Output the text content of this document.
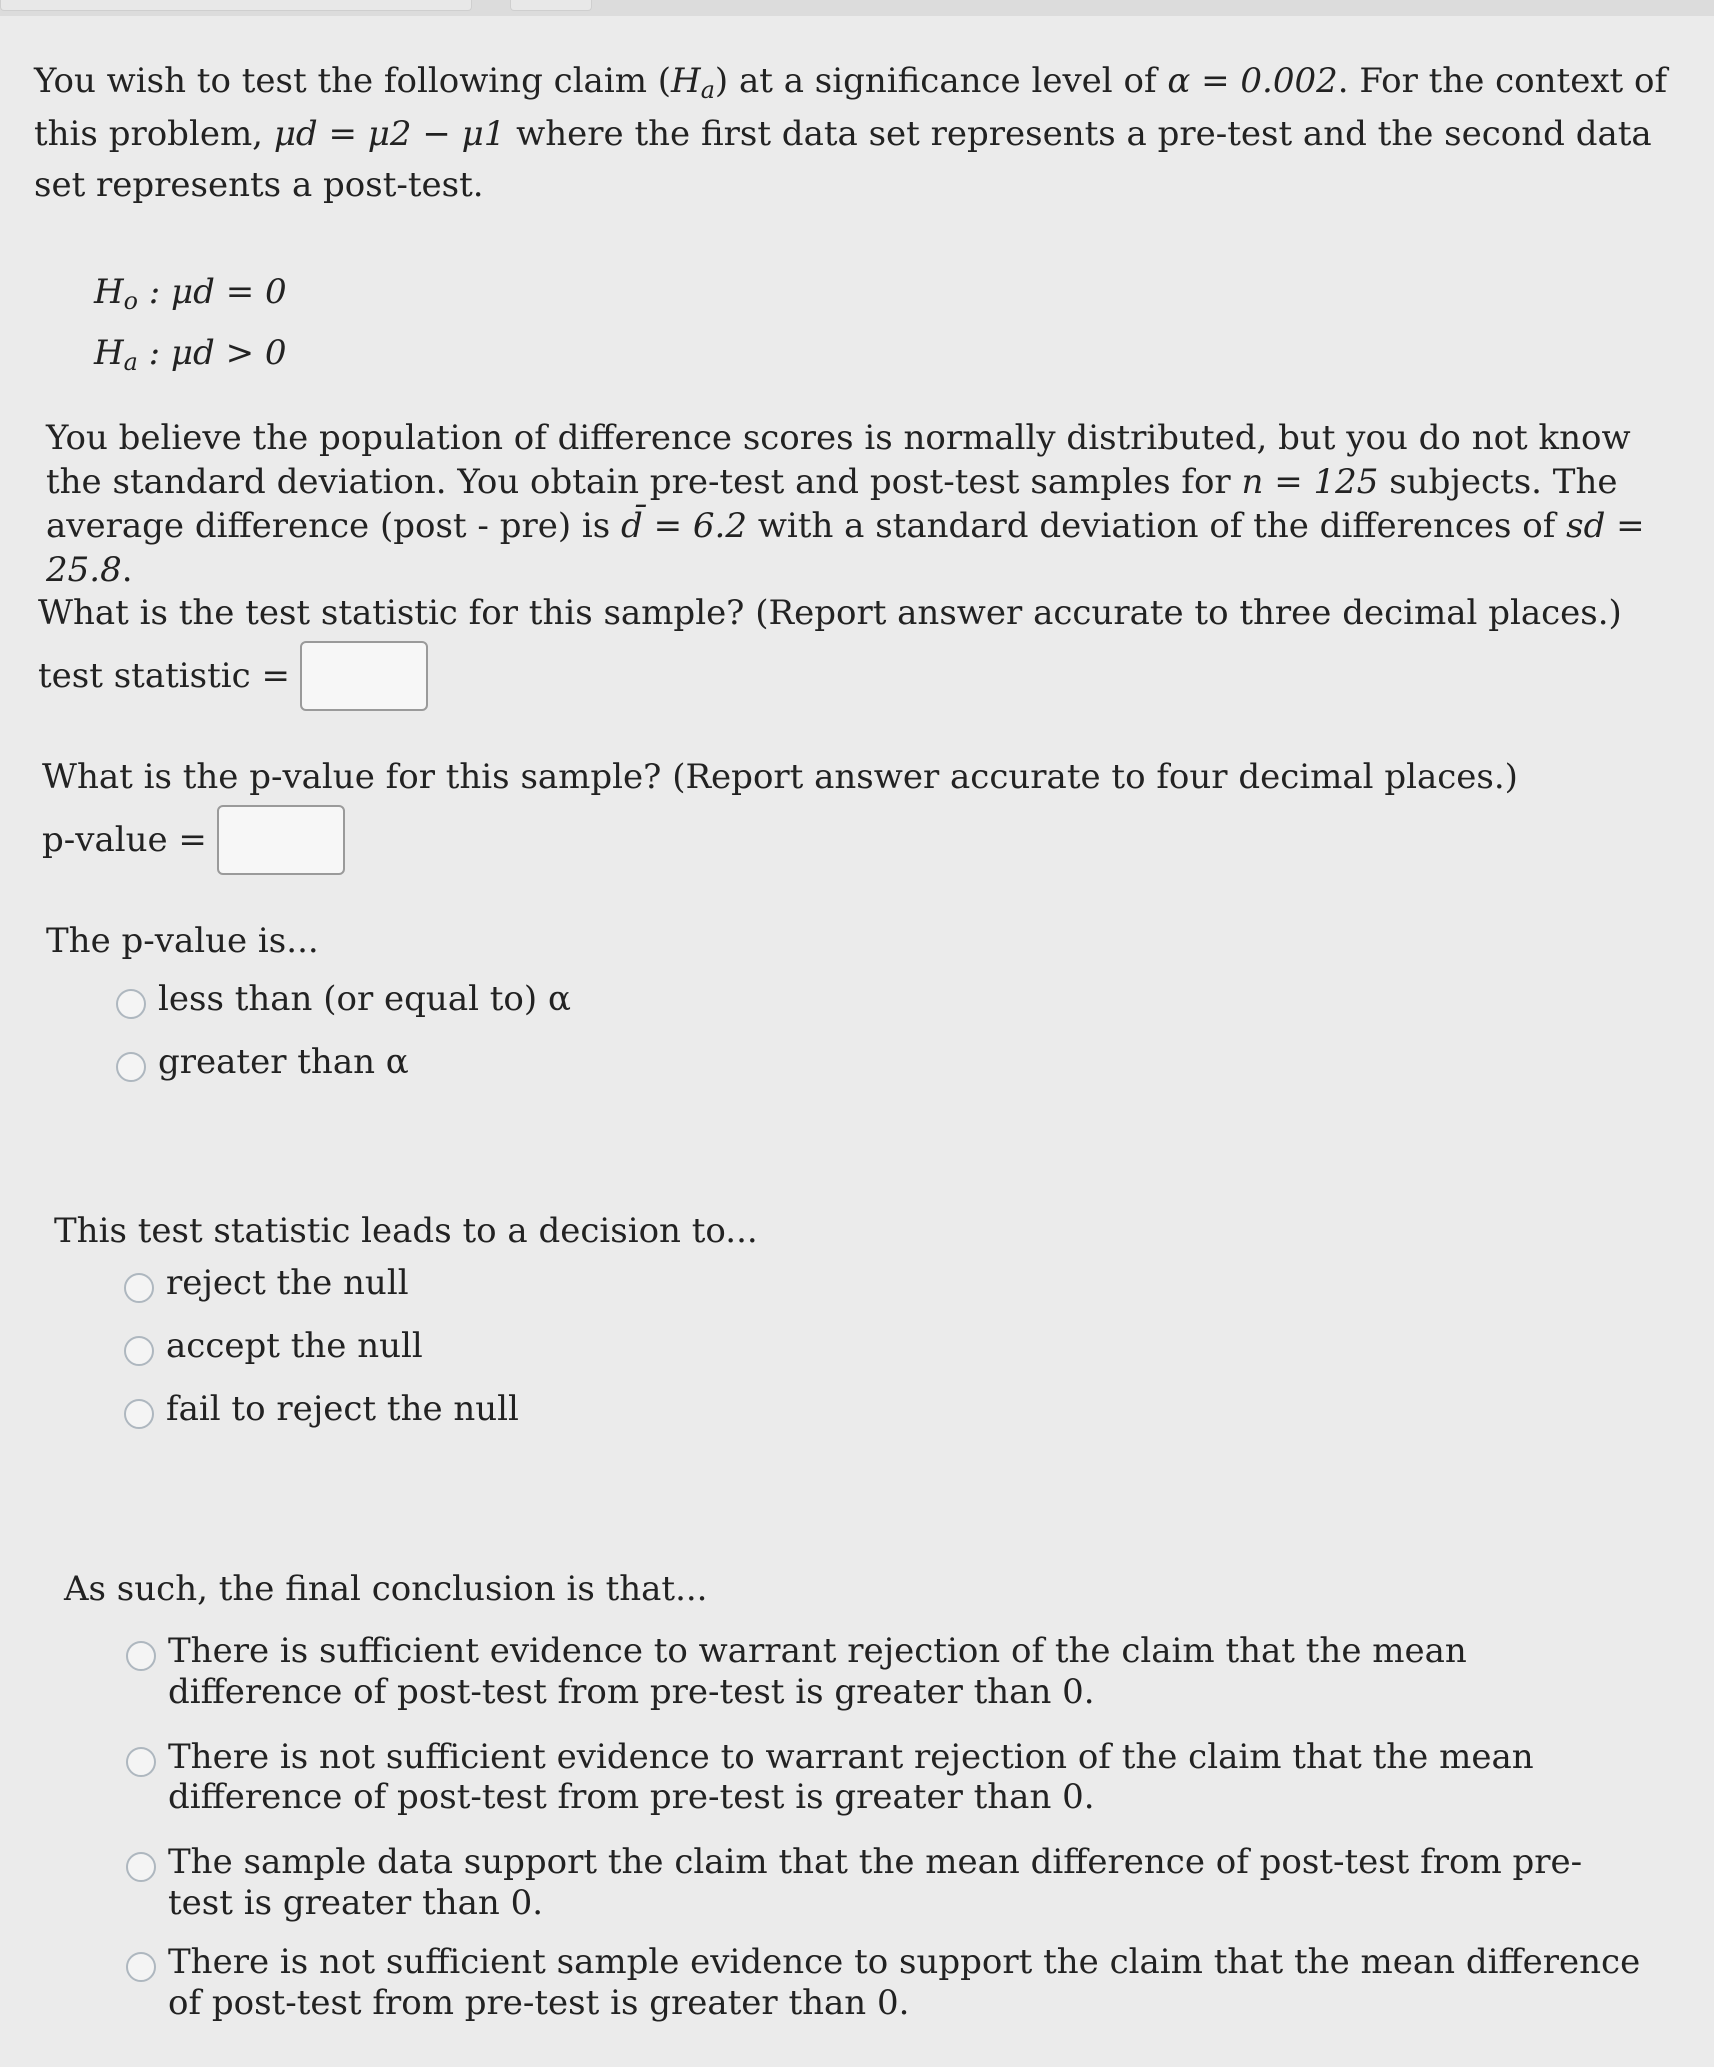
You wish to test the following claim $(H_a)$ at a significance level of α = 0.002. For the context of this problem, μd = μ2 − μ1 where the first data set represents a pre-test and the second data set represents a post-test.
$H_o$ : μd = 0
$H_a$ : μd > 0
You believe the population of difference scores is normally distributed, but you do not know the standard deviation. You obtain pre-test and post-test samples for n = 125 subjects. The average difference (post - pre) is d̄ = 6.2 with a standard deviation of the differences of sd = 25.8.
What is the test statistic for this sample? (Report answer accurate to three decimal places.)
test statistic =
What is the p-value for this sample? (Report answer accurate to four decimal places.)
p-value =
The p-value is...
less than (or equal to) α
greater than α
This test statistic leads to a decision to...
reject the null
accept the null
fail to reject the null
As such, the final conclusion is that...
There is sufficient evidence to warrant rejection of the claim that the mean difference of post-test from pre-test is greater than 0.
There is not sufficient evidence to warrant rejection of the claim that the mean difference of post-test from pre-test is greater than 0.
The sample data support the claim that the mean difference of post-test from pre-test is greater than 0.
There is not sufficient sample evidence to support the claim that the mean difference of post-test from pre-test is greater than 0.
